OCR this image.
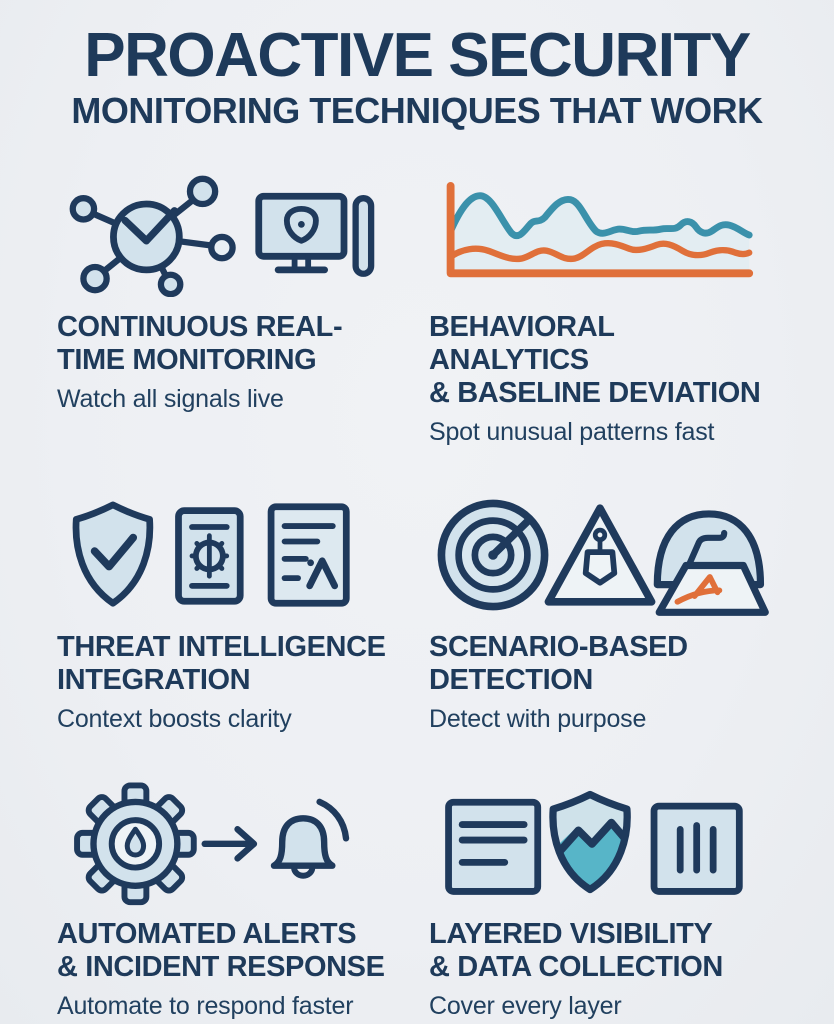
PROACTIVE SECURITY
MONITORING TECHNIQUES THAT WORK
CONTINUOUS REAL-
TIME MONITORING

Watch all signals live

BEHAVIORAL ANALYTICS
& BASELINE DEVIATION

Spot unusual patterns fast

THREAT INTELLIGENCE
INTEGRATION

Context boosts clarity

SCENARIO-BASED
DETECTION

Detect with purpose

AUTOMATED ALERTS
& INCIDENT RESPONSE

Automate to respond faster

LAYERED VISIBILITY
& DATA COLLECTION

Cover every layer
